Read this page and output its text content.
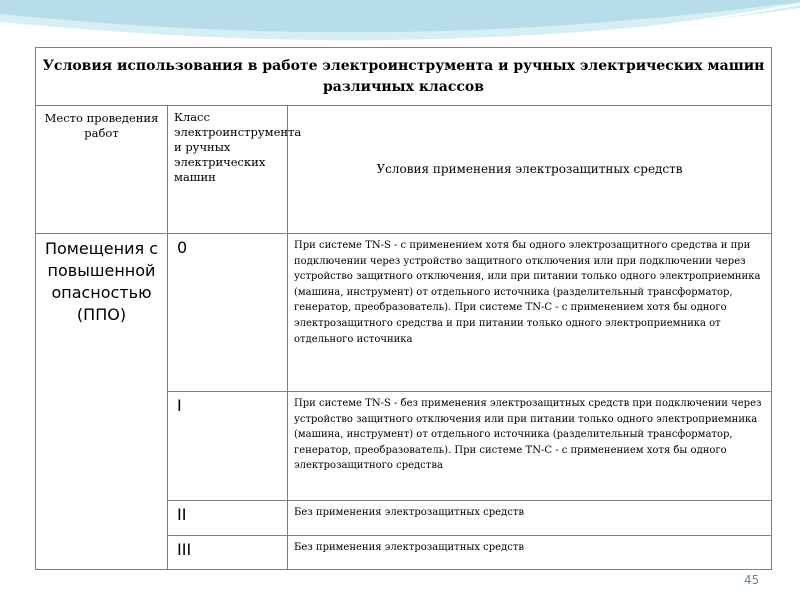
Условия использования в работе электроинструмента и ручных электрических машин различных классов		
Место проведения работ	Класс электроинструмента и ручных электрических машин	Условия применения электрозащитных средств
Помещения с повышенной опасностью (ППО)	0	При системе TN-S - с применением хотя бы одного электрозащитного средства и при подключении через устройство защитного отключения или при подключении через устройство защитного отключения, или при питании только одного электроприемника (машина, инструмент) от отдельного источника (разделительный трансформатор, генератор, преобразователь). При системе TN-C - с применением хотя бы одного электрозащитного средства и при питании только одного электроприемника от отдельного источника
	I	При системе TN-S - без применения электрозащитных средств при подключении через устройство защитного отключения или при питании только одного электроприемника (машина, инструмент) от отдельного источника (разделительный трансформатор, генератор, преобразователь). При системе TN-C - с применением хотя бы одного электрозащитного средства
	II	Без применения электрозащитных средств
	III	Без применения электрозащитных средств
45
